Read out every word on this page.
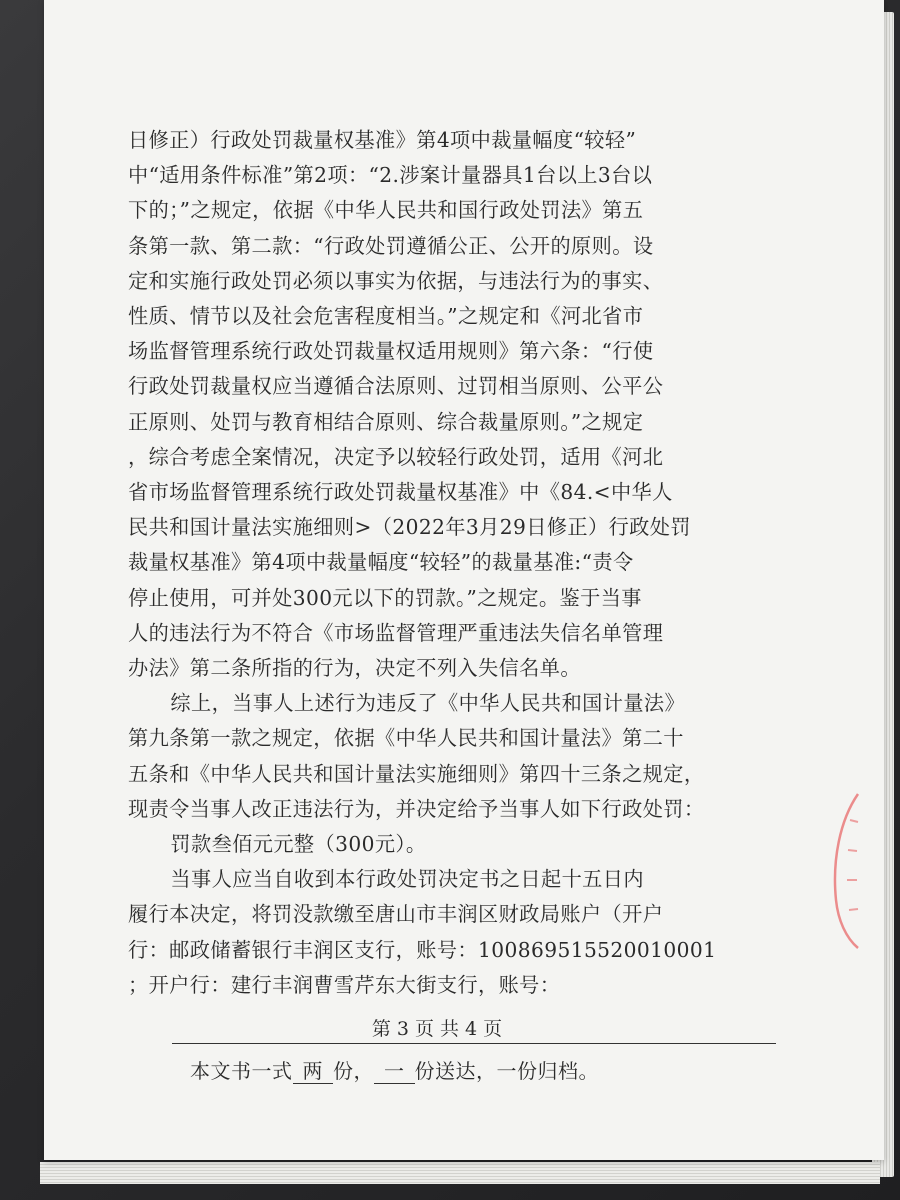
日修正）行政处罚裁量权基准》第4项中裁量幅度“较轻”

中“适用条件标准”第2项：“2.涉案计量器具1台以上3台以

下的；”之规定，依据《中华人民共和国行政处罚法》第五

条第一款、第二款：“行政处罚遵循公正、公开的原则。设

定和实施行政处罚必须以事实为依据，与违法行为的事实、

性质、情节以及社会危害程度相当。”之规定和《河北省市

场监督管理系统行政处罚裁量权适用规则》第六条：“行使

行政处罚裁量权应当遵循合法原则、过罚相当原则、公平公

正原则、处罚与教育相结合原则、综合裁量原则。”之规定

，综合考虑全案情况，决定予以较轻行政处罚，适用《河北

省市场监督管理系统行政处罚裁量权基准》中《84.<中华人

民共和国计量法实施细则>（2022年3月29日修正）行政处罚

裁量权基准》第4项中裁量幅度“较轻”的裁量基准:“责令

停止使用，可并处300元以下的罚款。”之规定。鉴于当事

人的违法行为不符合《市场监督管理严重违法失信名单管理

办法》第二条所指的行为，决定不列入失信名单。

综上，当事人上述行为违反了《中华人民共和国计量法》

第九条第一款之规定，依据《中华人民共和国计量法》第二十

五条和《中华人民共和国计量法实施细则》第四十三条之规定，

现责令当事人改正违法行为，并决定给予当事人如下行政处罚：

罚款叁佰元元整（300元）。

当事人应当自收到本行政处罚决定书之日起十五日内

履行本决定，将罚没款缴至唐山市丰润区财政局账户（开户

行：邮政储蓄银行丰润区支行，账号：100869515520010001

；开户行：建行丰润曹雪芹东大街支行，账号：

第 3 页 共 4 页
本文书一式 两 份， 一 份送达，一份归档。
